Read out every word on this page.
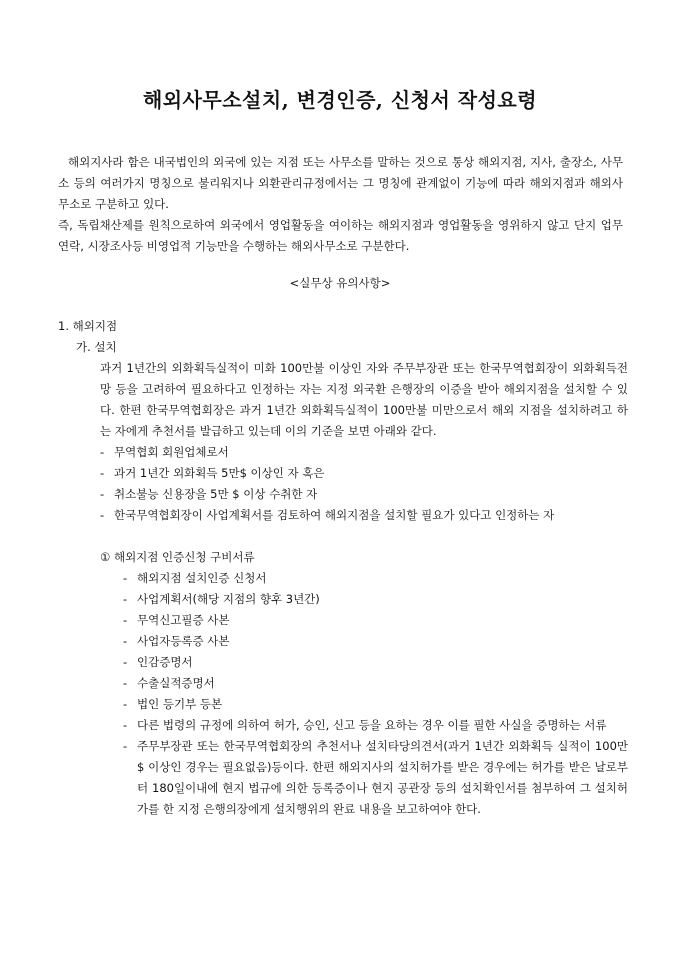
해외사무소설치, 변경인증, 신청서 작성요령

해외지사라 함은 내국법인의 외국에 있는 지점 또는 사무소를 말하는 것으로 통상 해외지점, 지사, 출장소, 사무소 등의 여러가지 명칭으로 불리워지나 외환관리규정에서는 그 명칭에 관계없이 기능에 따라 해외지점과 해외사무소로 구분하고 있다.

즉, 독립채산제를 원칙으로하여 외국에서 영업활동을 여이하는 해외지점과 영업활동을 영위하지 않고 단지 업무연락, 시장조사등 비영업적 기능만을 수행하는 해외사무소로 구분한다.

<실무상 유의사항>

1. 해외지점

가. 설치

과거 1년간의 외화획득실적이 미화 100만불 이상인 자와 주무부장관 또는 한국무역협회장이 외화획득전망 등을 고려하여 필요하다고 인정하는 자는 지정 외국환 은행장의 이증을 받아 해외지점을 설치할 수 있다. 한편 한국무역협회장은 과거 1년간 외화획득실적이 100만불 미만으로서 해외 지점을 설치하려고 하는 자에게 추천서를 발급하고 있는데 이의 기준을 보면 아래와 같다.

- 무역협회 회원업체로서
- 과거 1년간 외화획득 5만$ 이상인 자 혹은
- 취소불능 신용장을 5만 $ 이상 수취한 자
- 한국무역협회장이 사업계획서를 검토하여 해외지점을 설치할 필요가 있다고 인정하는 자

① 해외지점 인증신청 구비서류

- 해외지점 설치인증 신청서
- 사업계획서(해당 지점의 향후 3년간)
- 무역신고필증 사본
- 사업자등록증 사본
- 인감증명서
- 수출실적증명서
- 법인 등기부 등본
- 다른 법령의 규정에 의하여 허가, 승인, 신고 등을 요하는 경우 이를 필한 사실을 증명하는 서류
- 주무부장관 또는 한국무역협회장의 추천서나 설치타당의견서(과거 1년간 외화획득 실적이 100만$ 이상인 경우는 필요없음)등이다. 한편 해외지사의 설치허가를 받은 경우에는 허가를 받은 날로부터 180일이내에 현지 법규에 의한 등록증이나 현지 공관장 등의 설치확인서를 첨부하여 그 설치허가를 한 지정 은행의장에게 설치행위의 완료 내용을 보고하여야 한다.
